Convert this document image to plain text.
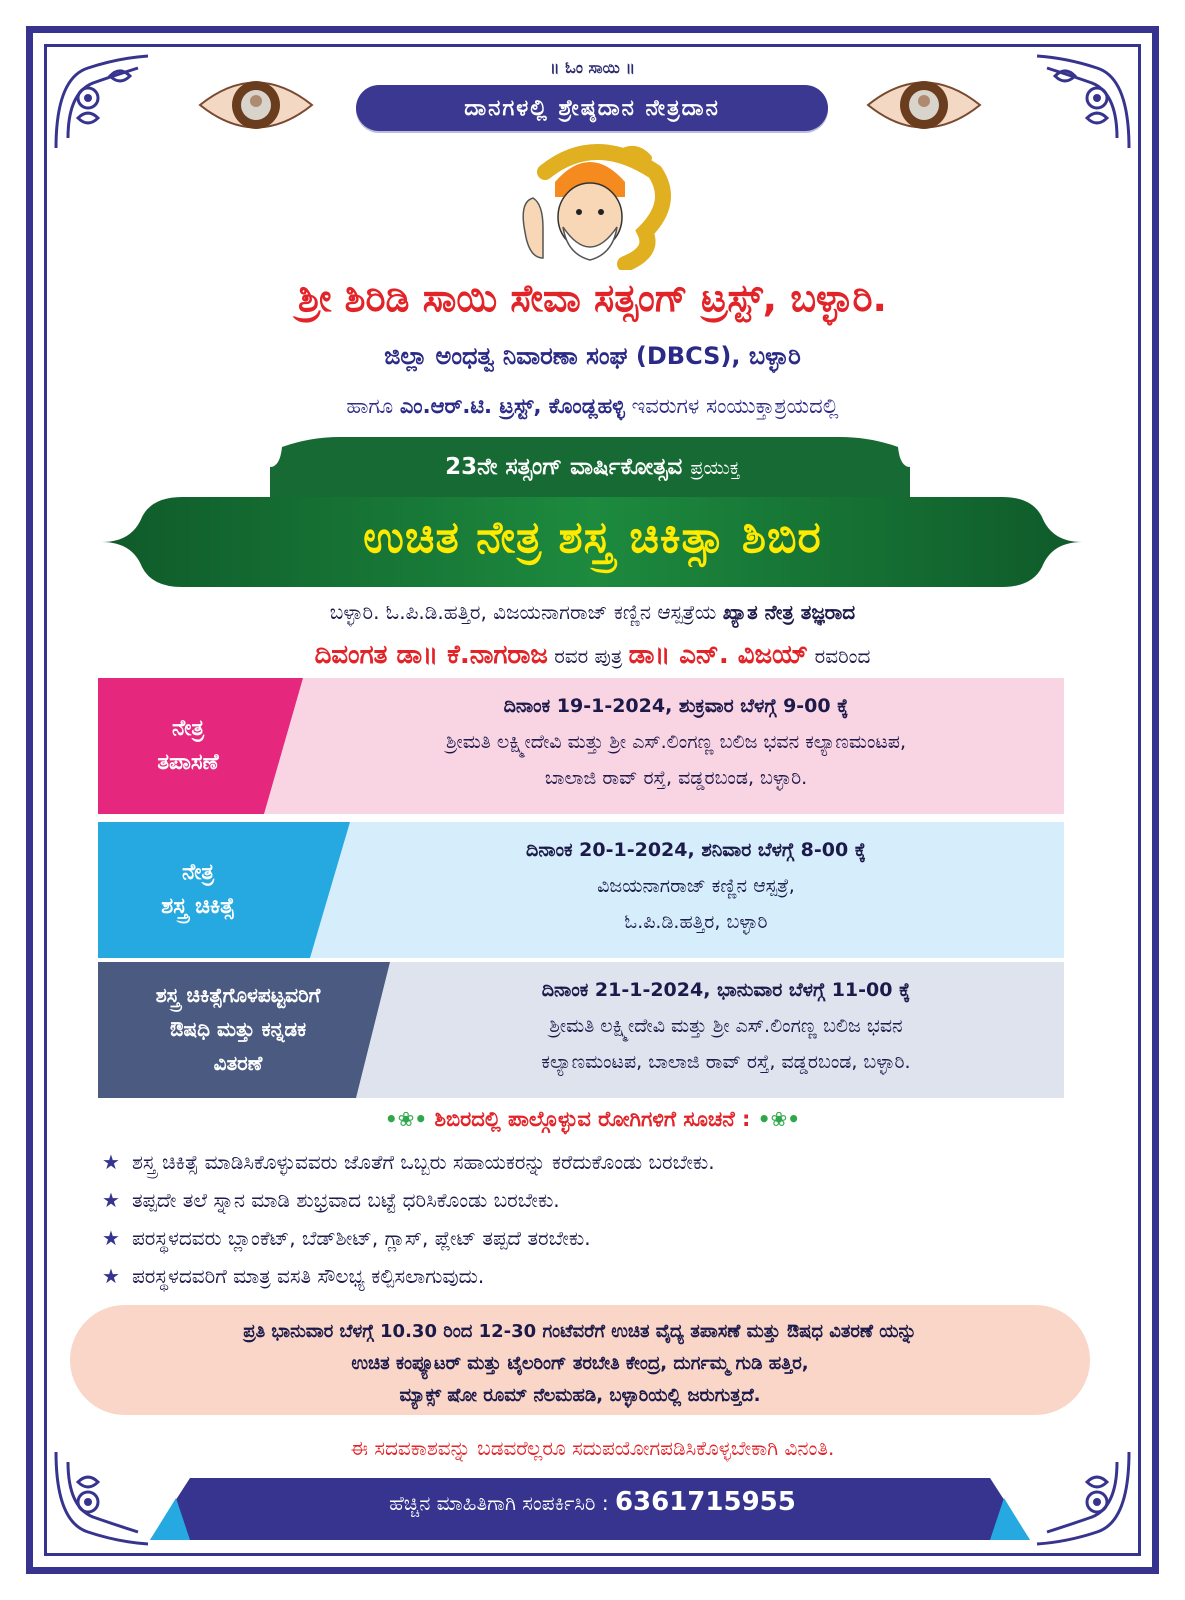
॥ ಓಂ ಸಾಯಿ ॥
ದಾನಗಳಲ್ಲಿ ಶ್ರೇಷ್ಠದಾನ ನೇತ್ರದಾನ
ಶ್ರೀ ಶಿರಿಡಿ ಸಾಯಿ ಸೇವಾ ಸತ್ಸಂಗ್ ಟ್ರಸ್ಟ್, ಬಳ್ಳಾರಿ.
ಜಿಲ್ಲಾ ಅಂಧತ್ವ ನಿವಾರಣಾ ಸಂಘ (DBCS), ಬಳ್ಳಾರಿ
ಹಾಗೂ ಎಂ.ಆರ್.ಟಿ. ಟ್ರಸ್ಟ್, ಕೊಂಡ್ಲಹಳ್ಳಿ ಇವರುಗಳ ಸಂಯುಕ್ತಾಶ್ರಯದಲ್ಲಿ
23ನೇ ಸತ್ಸಂಗ್ ವಾರ್ಷಿಕೋತ್ಸವ ಪ್ರಯುಕ್ತ
ಉಚಿತ ನೇತ್ರ ಶಸ್ತ್ರ ಚಿಕಿತ್ಸಾ ಶಿಬಿರ
ಬಳ್ಳಾರಿ. ಓ.ಪಿ.ಡಿ.ಹತ್ತಿರ, ವಿಜಯನಾಗರಾಜ್ ಕಣ್ಣಿನ ಆಸ್ಪತ್ರೆಯ ಖ್ಯಾತ ನೇತ್ರ ತಜ್ಞರಾದ
ದಿವಂಗತ ಡಾ॥ ಕೆ.ನಾಗರಾಜ ರವರ ಪುತ್ರ ಡಾ॥ ಎನ್. ವಿಜಯ್ ರವರಿಂದ
ನೇತ್ರ
ತಪಾಸಣೆ
ದಿನಾಂಕ 19-1-2024, ಶುಕ್ರವಾರ ಬೆಳಗ್ಗೆ 9-00 ಕ್ಕೆ
ಶ್ರೀಮತಿ ಲಕ್ಷ್ಮೀದೇವಿ ಮತ್ತು ಶ್ರೀ ಎಸ್.ಲಿಂಗಣ್ಣ ಬಲಿಜ ಭವನ ಕಲ್ಯಾಣಮಂಟಪ,
ಬಾಲಾಜಿ ರಾವ್ ರಸ್ತೆ, ವಡ್ಡರಬಂಡ, ಬಳ್ಳಾರಿ.
ನೇತ್ರ
ಶಸ್ತ್ರ ಚಿಕಿತ್ಸೆ
ದಿನಾಂಕ 20-1-2024, ಶನಿವಾರ ಬೆಳಗ್ಗೆ 8-00 ಕ್ಕೆ
ವಿಜಯನಾಗರಾಜ್ ಕಣ್ಣಿನ ಆಸ್ಪತ್ರೆ,
ಓ.ಪಿ.ಡಿ.ಹತ್ತಿರ, ಬಳ್ಳಾರಿ
ಶಸ್ತ್ರ ಚಿಕಿತ್ಸೆಗೊಳಪಟ್ಟವರಿಗೆ
ಔಷಧಿ ಮತ್ತು ಕನ್ನಡಕ
ವಿತರಣೆ
ದಿನಾಂಕ 21-1-2024, ಭಾನುವಾರ ಬೆಳಗ್ಗೆ 11-00 ಕ್ಕೆ
ಶ್ರೀಮತಿ ಲಕ್ಷ್ಮೀದೇವಿ ಮತ್ತು ಶ್ರೀ ಎಸ್.ಲಿಂಗಣ್ಣ ಬಲಿಜ ಭವನ
ಕಲ್ಯಾಣಮಂಟಪ, ಬಾಲಾಜಿ ರಾವ್ ರಸ್ತೆ, ವಡ್ಡರಬಂಡ, ಬಳ್ಳಾರಿ.
•❀• ಶಿಬಿರದಲ್ಲಿ ಪಾಲ್ಗೊಳ್ಳುವ ರೋಗಿಗಳಿಗೆ ಸೂಚನೆ : •❀•
★ ಶಸ್ತ್ರ ಚಿಕಿತ್ಸೆ ಮಾಡಿಸಿಕೊಳ್ಳುವವರು ಜೊತೆಗೆ ಒಬ್ಬರು ಸಹಾಯಕರನ್ನು ಕರೆದುಕೊಂಡು ಬರಬೇಕು.
★ ತಪ್ಪದೇ ತಲೆ ಸ್ನಾನ ಮಾಡಿ ಶುಭ್ರವಾದ ಬಟ್ಟೆ ಧರಿಸಿಕೊಂಡು ಬರಬೇಕು.
★ ಪರಸ್ಥಳದವರು ಬ್ಲಾಂಕೆಟ್, ಬೆಡ್‌ಶೀಟ್, ಗ್ಲಾಸ್, ಪ್ಲೇಟ್ ತಪ್ಪದೆ ತರಬೇಕು.
★ ಪರಸ್ಥಳದವರಿಗೆ ಮಾತ್ರ ವಸತಿ ಸೌಲಭ್ಯ ಕಲ್ಪಿಸಲಾಗುವುದು.
ಪ್ರತಿ ಭಾನುವಾರ ಬೆಳಗ್ಗೆ 10.30 ರಿಂದ 12-30 ಗಂಟೆವರೆಗೆ ಉಚಿತ ವೈದ್ಯ ತಪಾಸಣೆ ಮತ್ತು ಔಷಧ ವಿತರಣೆ ಯನ್ನು
ಉಚಿತ ಕಂಪ್ಯೂಟರ್ ಮತ್ತು ಟೈಲರಿಂಗ್ ತರಬೇತಿ ಕೇಂದ್ರ, ದುರ್ಗಮ್ಮ ಗುಡಿ ಹತ್ತಿರ,
ಮ್ಯಾಕ್ಸ್ ಷೋ ರೂಮ್ ನೆಲಮಹಡಿ, ಬಳ್ಳಾರಿಯಲ್ಲಿ ಜರುಗುತ್ತದೆ.
ಈ ಸದವಕಾಶವನ್ನು ಬಡವರೆಲ್ಲರೂ ಸದುಪಯೋಗಪಡಿಸಿಕೊಳ್ಳಬೇಕಾಗಿ ವಿನಂತಿ.
ಹೆಚ್ಚಿನ ಮಾಹಿತಿಗಾಗಿ ಸಂಪರ್ಕಿಸಿರಿ : 6361715955
